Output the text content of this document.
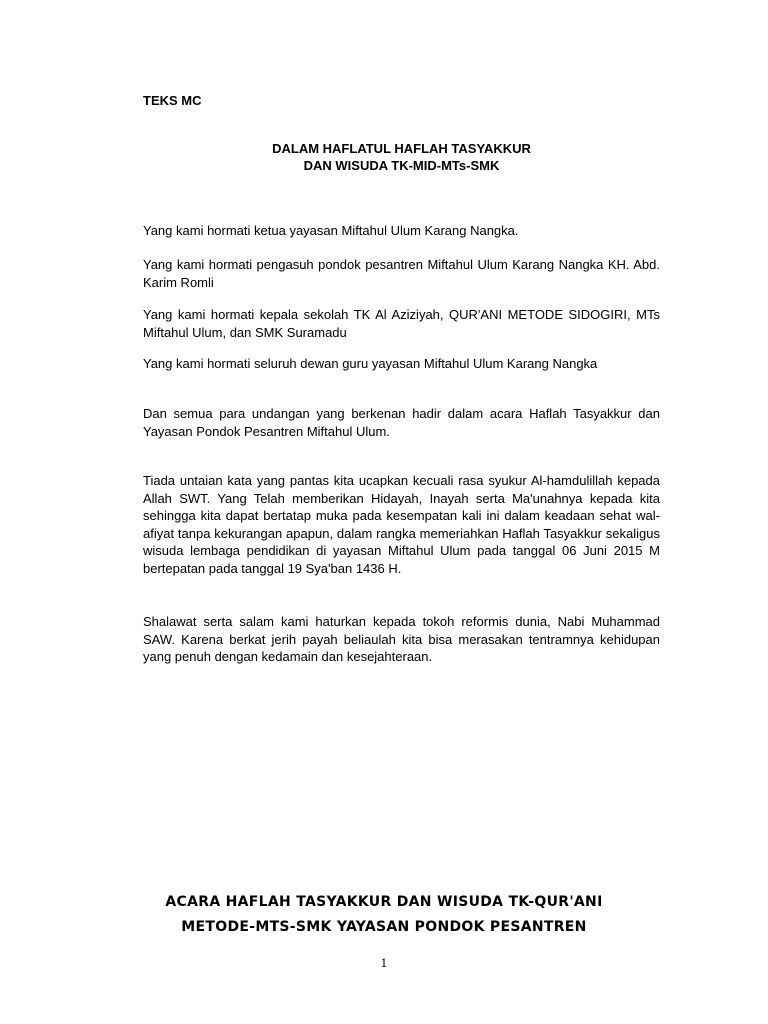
TEKS MC

DALAM HAFLATUL HAFLAH TASYAKKUR
DAN WISUDA TK-MID-MTs-SMK

Yang kami hormati ketua yayasan Miftahul Ulum Karang Nangka.

Yang kami hormati pengasuh pondok pesantren Miftahul Ulum Karang Nangka KH. Abd. Karim Romli

Yang kami hormati kepala sekolah TK Al Aziziyah, QUR'ANI METODE SIDOGIRI, MTs Miftahul Ulum, dan SMK Suramadu

Yang kami hormati seluruh dewan guru yayasan Miftahul Ulum Karang Nangka

Dan semua para undangan yang berkenan hadir dalam acara Haflah Tasyakkur dan Yayasan Pondok Pesantren Miftahul Ulum.

Tiada untaian kata yang pantas kita ucapkan kecuali rasa syukur Al-hamdulillah kepada Allah SWT. Yang Telah memberikan Hidayah, Inayah serta Ma'unahnya kepada kita sehingga kita dapat bertatap muka pada kesempatan kali ini dalam keadaan sehat wal-afiyat tanpa kekurangan apapun, dalam rangka memeriahkan Haflah Tasyakkur sekaligus wisuda lembaga pendidikan di yayasan Miftahul Ulum pada tanggal 06 Juni 2015 M bertepatan pada tanggal 19 Sya'ban 1436 H.

Shalawat serta salam kami haturkan kepada tokoh reformis dunia, Nabi Muhammad SAW. Karena berkat jerih payah beliaulah kita bisa merasakan tentramnya kehidupan yang penuh dengan kedamain dan kesejahteraan.

ACARA HAFLAH TASYAKKUR DAN WISUDA TK-QUR'ANI
METODE-MTS-SMK YAYASAN PONDOK PESANTREN

1
